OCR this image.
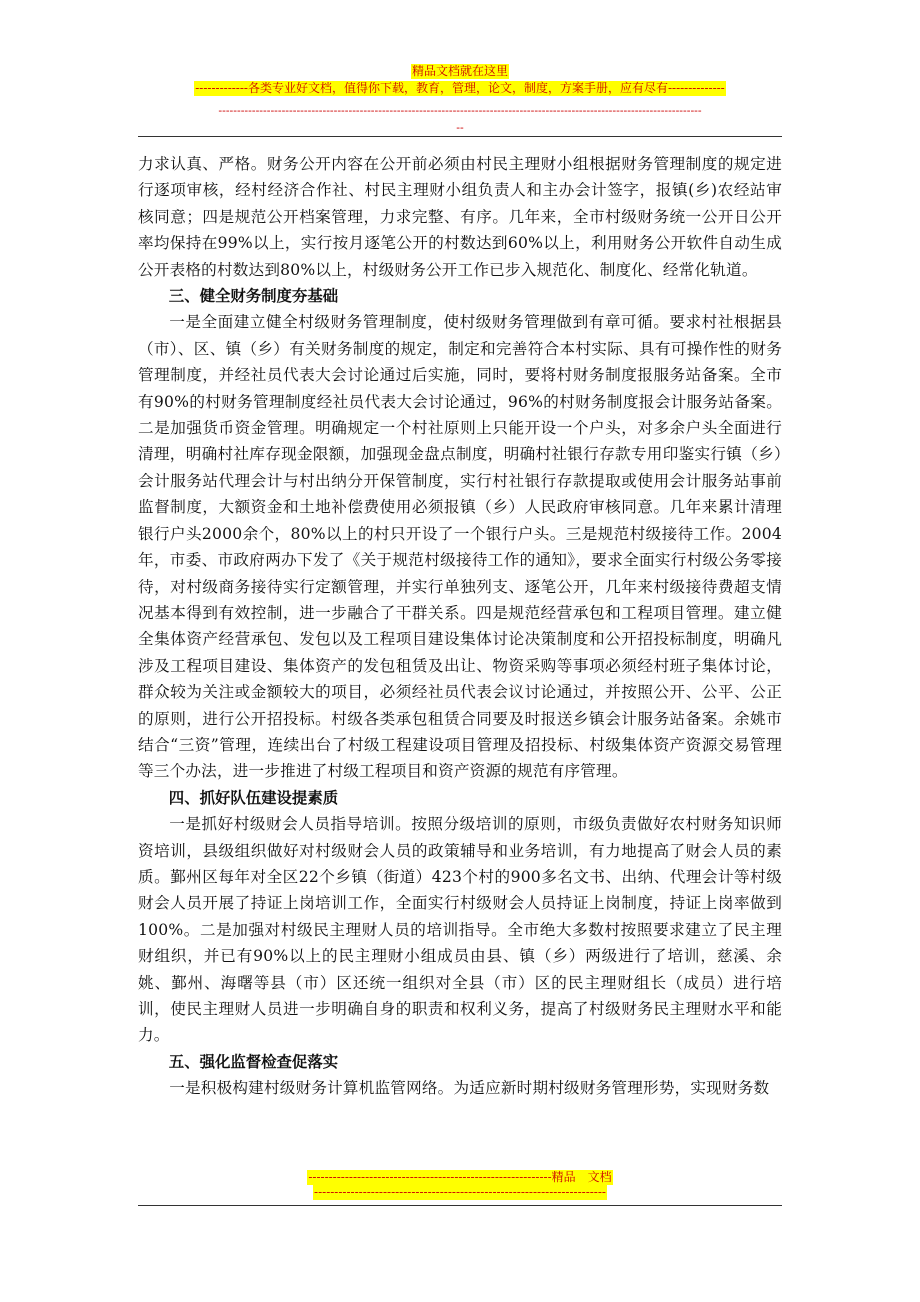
精品文档就在这里
-------------各类专业好文档，值得你下载，教育，管理，论文，制度，方案手册，应有尽有--------------
----------------------------------------------------------------------------------------------------------------------------------
--

力求认真、严格。财务公开内容在公开前必须由村民主理财小组根据财务管理制度的规定进行逐项审核，经村经济合作社、村民主理财小组负责人和主办会计签字，报镇(乡)农经站审核同意；四是规范公开档案管理，力求完整、有序。几年来，全市村级财务统一公开日公开率均保持在99%以上，实行按月逐笔公开的村数达到60%以上，利用财务公开软件自动生成公开表格的村数达到80%以上，村级财务公开工作已步入规范化、制度化、经常化轨道。

三、健全财务制度夯基础

一是全面建立健全村级财务管理制度，使村级财务管理做到有章可循。要求村社根据县（市）、区、镇（乡）有关财务制度的规定，制定和完善符合本村实际、具有可操作性的财务管理制度，并经社员代表大会讨论通过后实施，同时，要将村财务制度报服务站备案。全市有90%的村财务管理制度经社员代表大会讨论通过，96%的村财务制度报会计服务站备案。二是加强货币资金管理。明确规定一个村社原则上只能开设一个户头，对多余户头全面进行清理，明确村社库存现金限额，加强现金盘点制度，明确村社银行存款专用印鉴实行镇（乡）会计服务站代理会计与村出纳分开保管制度，实行村社银行存款提取或使用会计服务站事前监督制度，大额资金和土地补偿费使用必须报镇（乡）人民政府审核同意。几年来累计清理银行户头2000余个，80%以上的村只开设了一个银行户头。三是规范村级接待工作。2004年，市委、市政府两办下发了《关于规范村级接待工作的通知》，要求全面实行村级公务零接待，对村级商务接待实行定额管理，并实行单独列支、逐笔公开，几年来村级接待费超支情况基本得到有效控制，进一步融合了干群关系。四是规范经营承包和工程项目管理。建立健全集体资产经营承包、发包以及工程项目建设集体讨论决策制度和公开招投标制度，明确凡涉及工程项目建设、集体资产的发包租赁及出让、物资采购等事项必须经村班子集体讨论，群众较为关注或金额较大的项目，必须经社员代表会议讨论通过，并按照公开、公平、公正的原则，进行公开招投标。村级各类承包租赁合同要及时报送乡镇会计服务站备案。余姚市结合“三资”管理，连续出台了村级工程建设项目管理及招投标、村级集体资产资源交易管理等三个办法，进一步推进了村级工程项目和资产资源的规范有序管理。

四、抓好队伍建设提素质

一是抓好村级财会人员指导培训。按照分级培训的原则，市级负责做好农村财务知识师资培训，县级组织做好对村级财会人员的政策辅导和业务培训，有力地提高了财会人员的素质。鄞州区每年对全区22个乡镇（街道）423个村的900多名文书、出纳、代理会计等村级财会人员开展了持证上岗培训工作，全面实行村级财会人员持证上岗制度，持证上岗率做到100%。二是加强对村级民主理财人员的培训指导。全市绝大多数村按照要求建立了民主理财组织，并已有90%以上的民主理财小组成员由县、镇（乡）两级进行了培训，慈溪、余姚、鄞州、海曙等县（市）区还统一组织对全县（市）区的民主理财组长（成员）进行培训，使民主理财人员进一步明确自身的职责和权利义务，提高了村级财务民主理财水平和能力。

五、强化监督检查促落实

一是积极构建村级财务计算机监管网络。为适应新时期村级财务管理形势，实现财务数

------------------------------------------------------------精品　文档
------------------------------------------------------------------------
